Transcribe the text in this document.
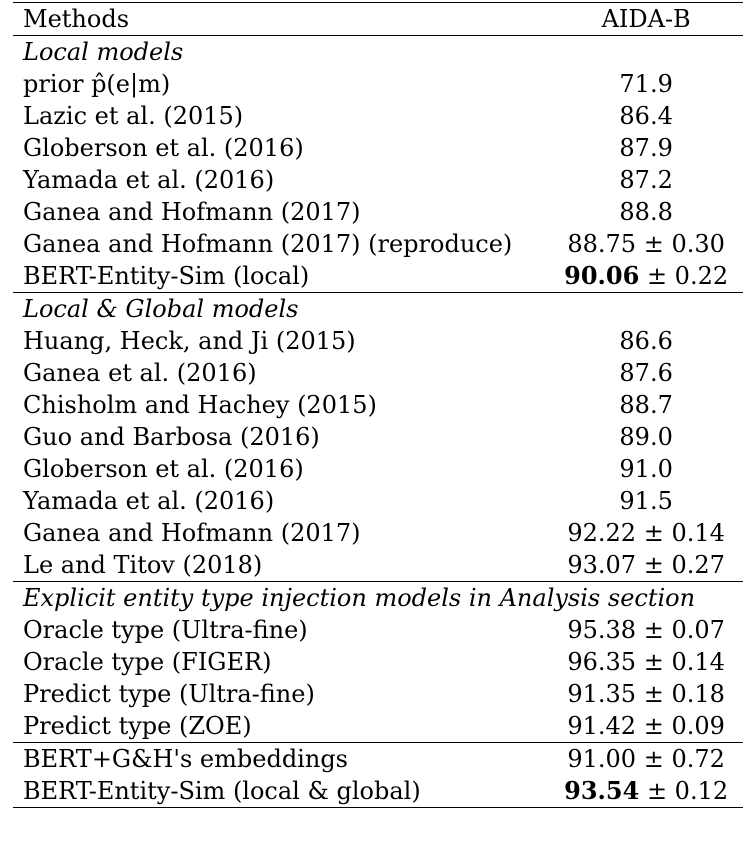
Methods	AIDA-B
Local models	
prior p̂(e|m)	71.9
Lazic et al. (2015)	86.4
Globerson et al. (2016)	87.9
Yamada et al. (2016)	87.2
Ganea and Hofmann (2017)	88.8
Ganea and Hofmann (2017) (reproduce)	88.75 ± 0.30
BERT-Entity-Sim (local)	90.06 ± 0.22
Local & Global models	
Huang, Heck, and Ji (2015)	86.6
Ganea et al. (2016)	87.6
Chisholm and Hachey (2015)	88.7
Guo and Barbosa (2016)	89.0
Globerson et al. (2016)	91.0
Yamada et al. (2016)	91.5
Ganea and Hofmann (2017)	92.22 ± 0.14
Le and Titov (2018)	93.07 ± 0.27
Explicit entity type injection models in Analysis section	
Oracle type (Ultra-fine)	95.38 ± 0.07
Oracle type (FIGER)	96.35 ± 0.14
Predict type (Ultra-fine)	91.35 ± 0.18
Predict type (ZOE)	91.42 ± 0.09
BERT+G&H's embeddings	91.00 ± 0.72
BERT-Entity-Sim (local & global)	93.54 ± 0.12
